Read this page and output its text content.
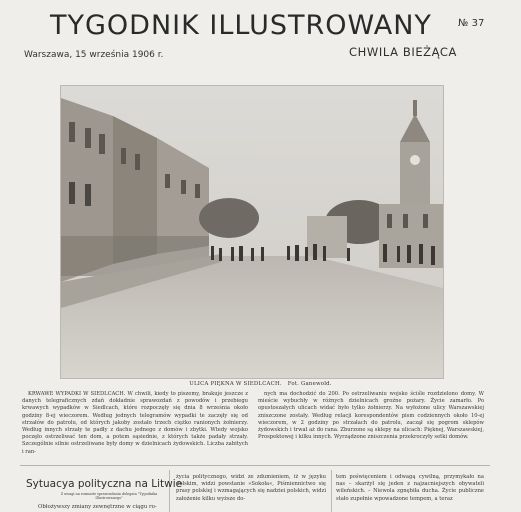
TYGODNIK ILLUSTROWANY	№ 37
Warszawa, 15 września 1906 r.	CHWILA BIEŻĄCA
ULICA PIĘKNA W SIEDLCACH. Fot. Ganewold.

KRWAWE WYPADKI W SIEDLCACH. W chwili, kiedy to piszemy, brakuje jeszcze z danych telegraficznych zdań dokładnie sprawozdań z powodów i przebiegu krwawych wypadków w Siedlcach, które rozpoczęły się dnia 8 września około godziny 8-ej wieczorem. Według jednych telegramów wypadki te zaczęły się od strzałów do patrolu, od których jakoby zostało trzech ciężko ranionych żołnierzy. Według innych strzały te padły z dachu jednego z domów i zbytki. Wtedy wojsko poczęło ostrzeliwać ten dom, a potem sąsiednie, z których także padały strzały. Szczególnie silnie ostrzeliwane były domy w dzielnicach żydowskich. Liczba zabitych i ran-

nych ma dochodzić do 200. Po ostrzeliwaniu wojsko ściśle rozdzielono domy. W mieście wybuchły w różnych dzielnicach groźne pożary. Życie zamarło. Po opustoszałych ulicach widać było tylko żołnierzy. Na wyłożone ulicy Warszawskiej zniszczone zostały. Według relacji korespondentów pism codziennych około 10-ej wieczorem, w 2 godziny po strzałach do patrolu, zaczął się pogrom sklepów żydowskich i trwał aż do rana. Zburzone są sklepy na ulicach: Pięknej, Warszawskiej, Prospektowej i kilku innych. Wyrządzone zniszczenia przekroczyły setki domów.

Sytuacya polityczna na Litwie
Z uwagi na rozmaite sprawozdania delegata "Tygodnika Illustrowanego"
Obłożywszy zmiany zewnętrzne w ciągu ro-

życia politycznego, widzi ze zdumieniem, iż w języku polskim, widzi powstanie »Sokoła«, Piśmiennictwo się prasy polskiej i wzmagających się nadziei polskich, widzi założenie kilku wyższe do-

tem poświęceniem i odwagą cywilną, przymykało na nas – skarżył się jeden z najzacniejszych obywateli wileńskich. – Niewola zgnębiła ducha. Życie publiczne stało zupełnie wpowadzone tempem, a teraz
